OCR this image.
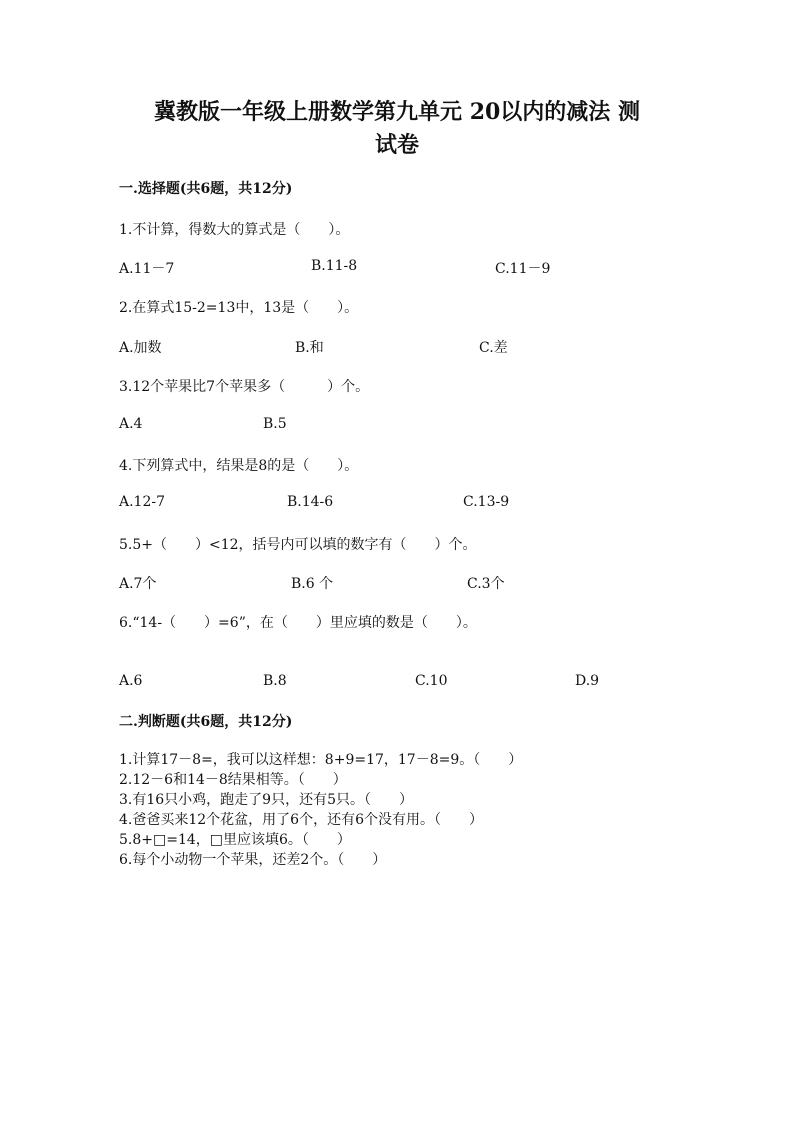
冀教版一年级上册数学第九单元 20以内的减法 测
试卷
一.选择题(共6题，共12分)
1.不计算，得数大的算式是（　　）。
A.11－7	B.11-8	C.11－9
2.在算式15-2=13中，13是（　　）。
A.加数	B.和	C.差
3.12个苹果比7个苹果多（　　　）个。
A.4	B.5
4.下列算式中，结果是8的是（　　）。
A.12-7	B.14-6	C.13-9
5.5+（　　）<12，括号内可以填的数字有（　　）个。
A.7个	B.6 个	C.3个
6.“14-（　　）=6”，在（　　）里应填的数是（　　）。
A.6	B.8	C.10	D.9
二.判断题(共6题，共12分)
1.计算17－8=，我可以这样想：8+9=17，17－8=9。（　　）
2.12－6和14－8结果相等。（　　）
3.有16只小鸡，跑走了9只，还有5只。（　　）
4.爸爸买来12个花盆，用了6个，还有6个没有用。（　　）
5.8+□=14，□里应该填6。（　　）
6.每个小动物一个苹果，还差2个。（　　）
